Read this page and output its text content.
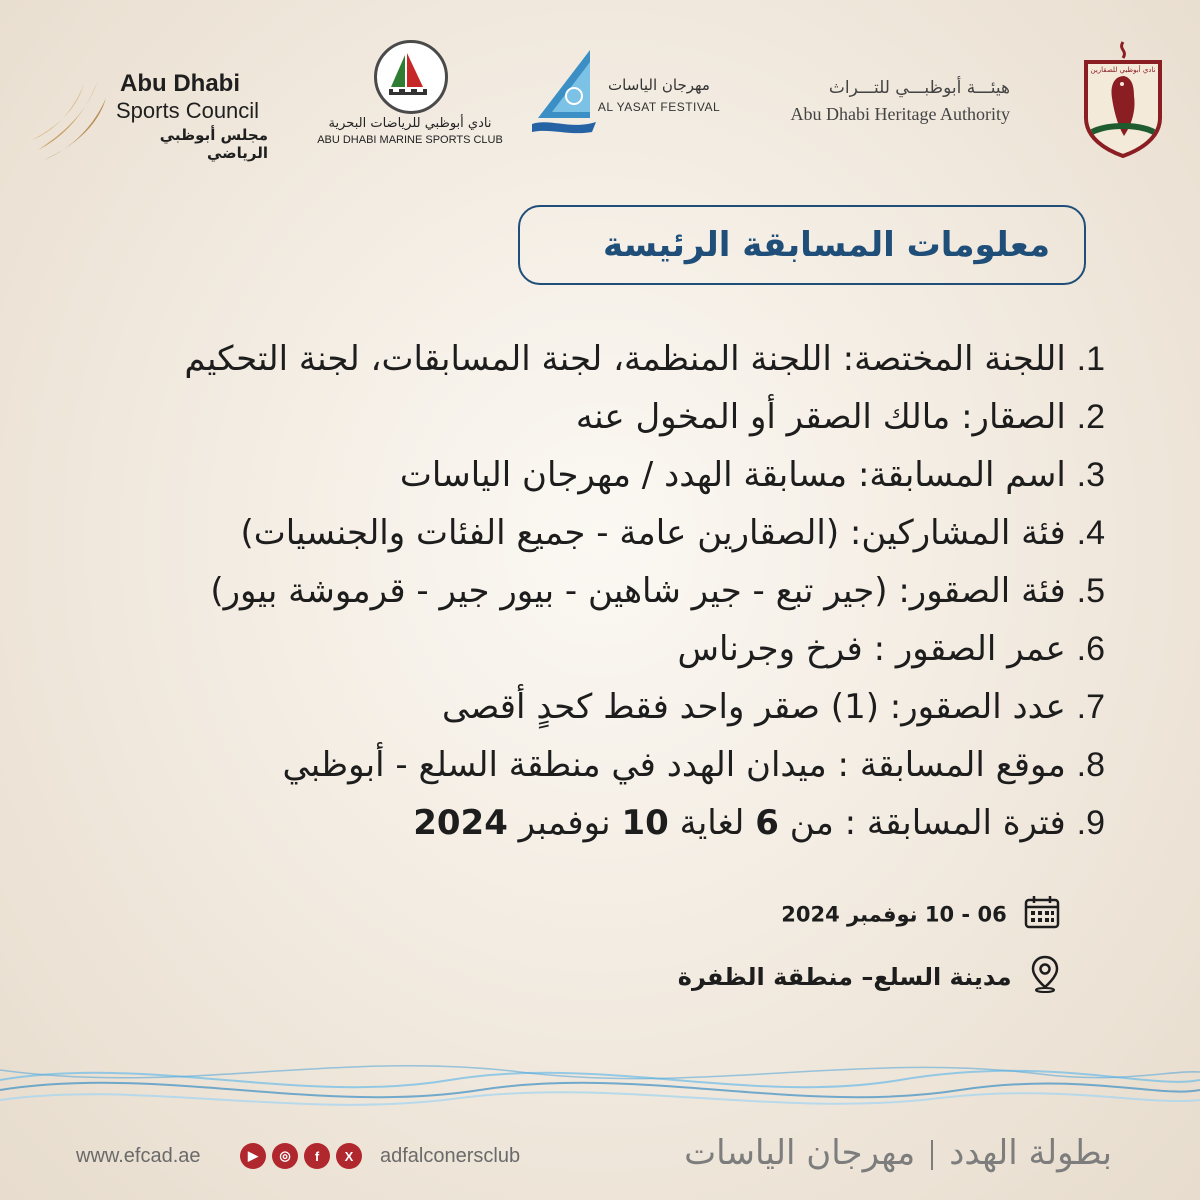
Abu Dhabi
Sports Council
مجلس أبوظبي الرياضي
نادي أبوظبي للرياضات البحرية
ABU DHABI MARINE SPORTS CLUB
مهرجان الياسات
AL YASAT FESTIVAL
هيئـــة أبوظبـــي للتـــراث
Abu Dhabi Heritage Authority
نادي أبوظبي للصقارين
معلومات المسابقة الرئيسة
1. اللجنة المختصة: اللجنة المنظمة، لجنة المسابقات، لجنة التحكيم
2. الصقار: مالك الصقر أو المخول عنه
3. اسم المسابقة: مسابقة الهدد / مهرجان الياسات
4. فئة المشاركين: (الصقارين عامة - جميع الفئات والجنسيات)
5. فئة الصقور: (جير تبع - جير شاهين - بيور جير - قرموشة بيور)
6. عمر الصقور : فرخ وجرناس
7. عدد الصقور: (1) صقر واحد فقط كحدٍ أقصى
8. موقع المسابقة : ميدان الهدد في منطقة السلع - أبوظبي
9. فترة المسابقة : من 6 لغاية 10 نوفمبر 2024
06 - 10 نوفمبر 2024
مدينة السلع– منطقة الظفرة
www.efcad.ae	▶	◎	f	X	adfalconersclub	بطولة الهددمهرجان الياسات
